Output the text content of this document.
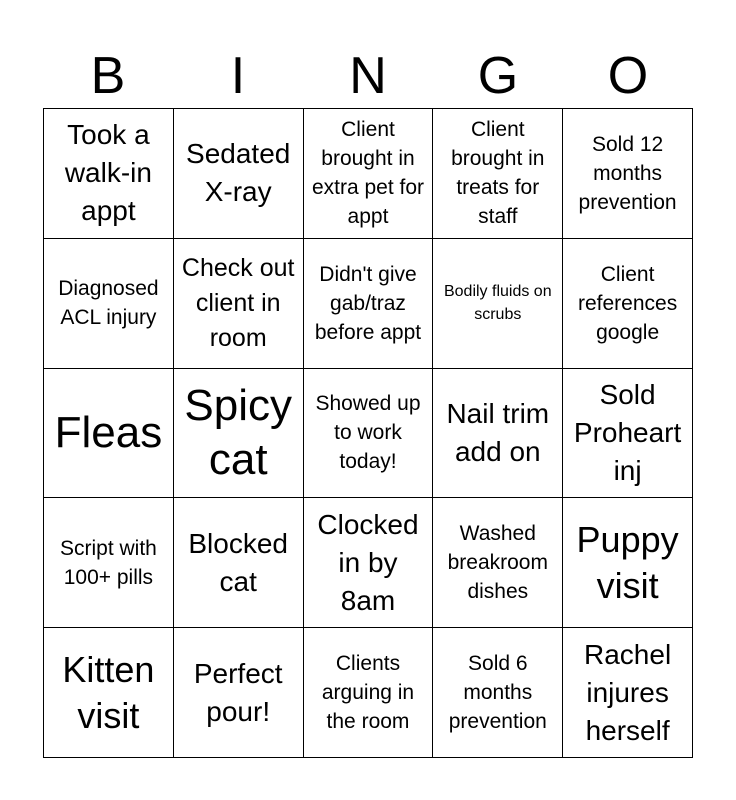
B	I	N	G	O
Took a walk-in appt
Sedated X-ray
Client brought in extra pet for appt
Client brought in treats for staff
Sold 12 months prevention
Diagnosed ACL injury
Check out client in room
Didn't give gab/traz before appt
Bodily fluids on scrubs
Client references google
Fleas
Spicy cat
Showed up to work today!
Nail trim add on
Sold Proheart inj
Script with 100+ pills
Blocked cat
Clocked in by 8am
Washed breakroom dishes
Puppy visit
Kitten visit
Perfect pour!
Clients arguing in the room
Sold 6 months prevention
Rachel injures herself
